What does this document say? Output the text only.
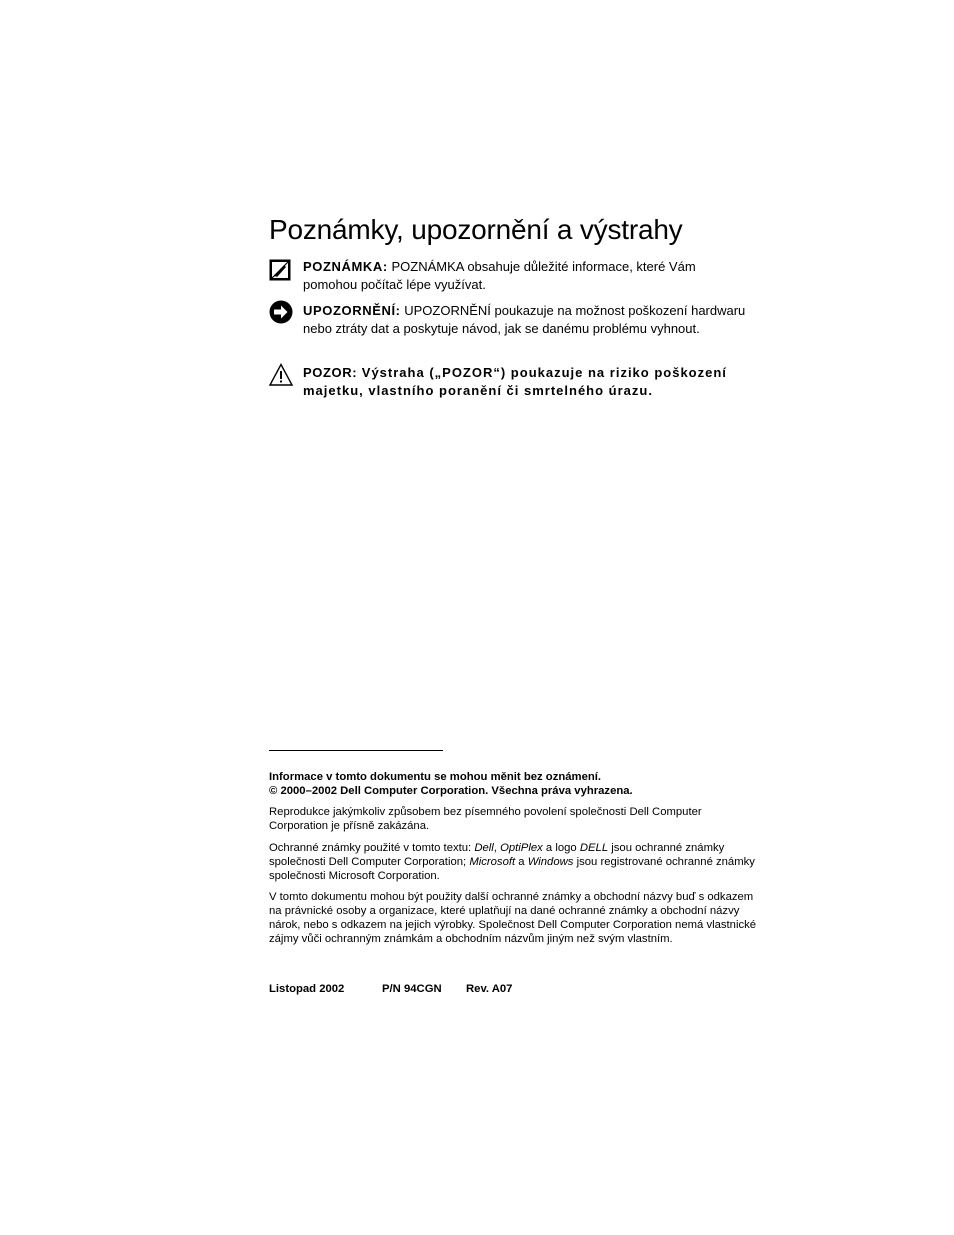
Poznámky, upozornění a výstrahy
POZNÁMKA: POZNÁMKA obsahuje důležité informace, které Vám pomohou počítač lépe využívat.
UPOZORNĚNÍ: UPOZORNĚNÍ poukazuje na možnost poškození hardwaru nebo ztráty dat a poskytuje návod, jak se danému problému vyhnout.
POZOR: Výstraha („POZOR“) poukazuje na riziko poškození majetku, vlastního poranění či smrtelného úrazu.

Informace v tomto dokumentu se mohou měnit bez oznámení.

© 2000–2002 Dell Computer Corporation. Všechna práva vyhrazena.

Reprodukce jakýmkoliv způsobem bez písemného povolení společnosti Dell Computer Corporation je přísně zakázána.

Ochranné známky použité v tomto textu: Dell, OptiPlex a logo DELL jsou ochranné známky společnosti Dell Computer Corporation; Microsoft a Windows jsou registrované ochranné známky společnosti Microsoft Corporation.

V tomto dokumentu mohou být použity další ochranné známky a obchodní názvy buď s odkazem na právnické osoby a organizace, které uplatňují na dané ochranné známky a obchodní názvy nárok, nebo s odkazem na jejich výrobky. Společnost Dell Computer Corporation nemá vlastnické zájmy vůči ochranným známkám a obchodním názvům jiným než svým vlastním.

Listopad 2002	P/N 94CGN Rev. A07
